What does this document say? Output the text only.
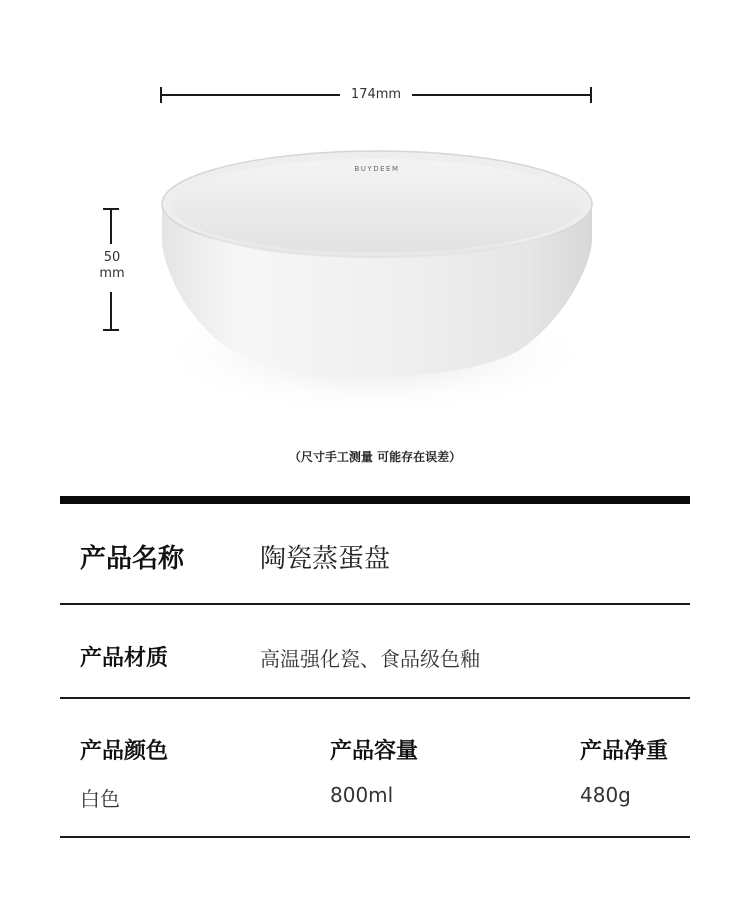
174mm
50
mm
BUYDEEM
（尺寸手工测量 可能存在误差）
产品名称	陶瓷蒸蛋盘
产品材质	高温强化瓷、食品级色釉
产品颜色
白色
产品容量
800ml
产品净重
480g
